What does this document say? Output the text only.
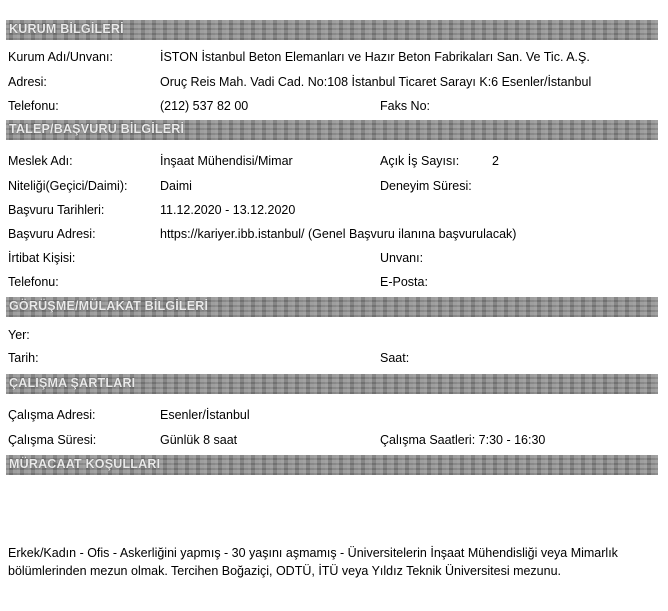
KURUM BİLGİLERİ
Kurum Adı/Unvanı:	İSTON İstanbul Beton Elemanları ve Hazır Beton Fabrikaları San. Ve Tic. A.Ş.
Adresi:	Oruç Reis Mah. Vadi Cad. No:108 İstanbul Ticaret Sarayı K:6 Esenler/İstanbul
Telefonu:	(212) 537 82 00	Faks No:
TALEP/BAŞVURU BİLGİLERİ
Meslek Adı:	İnşaat Mühendisi/Mimar	Açık İş Sayısı:	2
Niteliği(Geçici/Daimi):	Daimi	Deneyim Süresi:
Başvuru Tarihleri:	11.12.2020 - 13.12.2020
Başvuru Adresi:	https://kariyer.ibb.istanbul/ (Genel Başvuru ilanına başvurulacak)
İrtibat Kişisi:	Unvanı:
Telefonu:	E-Posta:
GÖRÜŞME/MÜLAKAT BİLGİLERİ
Yer:
Tarih:	Saat:
ÇALIŞMA ŞARTLARI
Çalışma Adresi:	Esenler/İstanbul
Çalışma Süresi:	Günlük 8 saat	Çalışma Saatleri: 7:30 - 16:30
MÜRACAAT KOŞULLARI
Erkek/Kadın - Ofis - Askerliğini yapmış - 30 yaşını aşmamış - Üniversitelerin İnşaat Mühendisliği veya Mimarlık bölümlerinden mezun olmak. Tercihen Boğaziçi, ODTÜ, İTÜ veya Yıldız Teknik Üniversitesi mezunu.
